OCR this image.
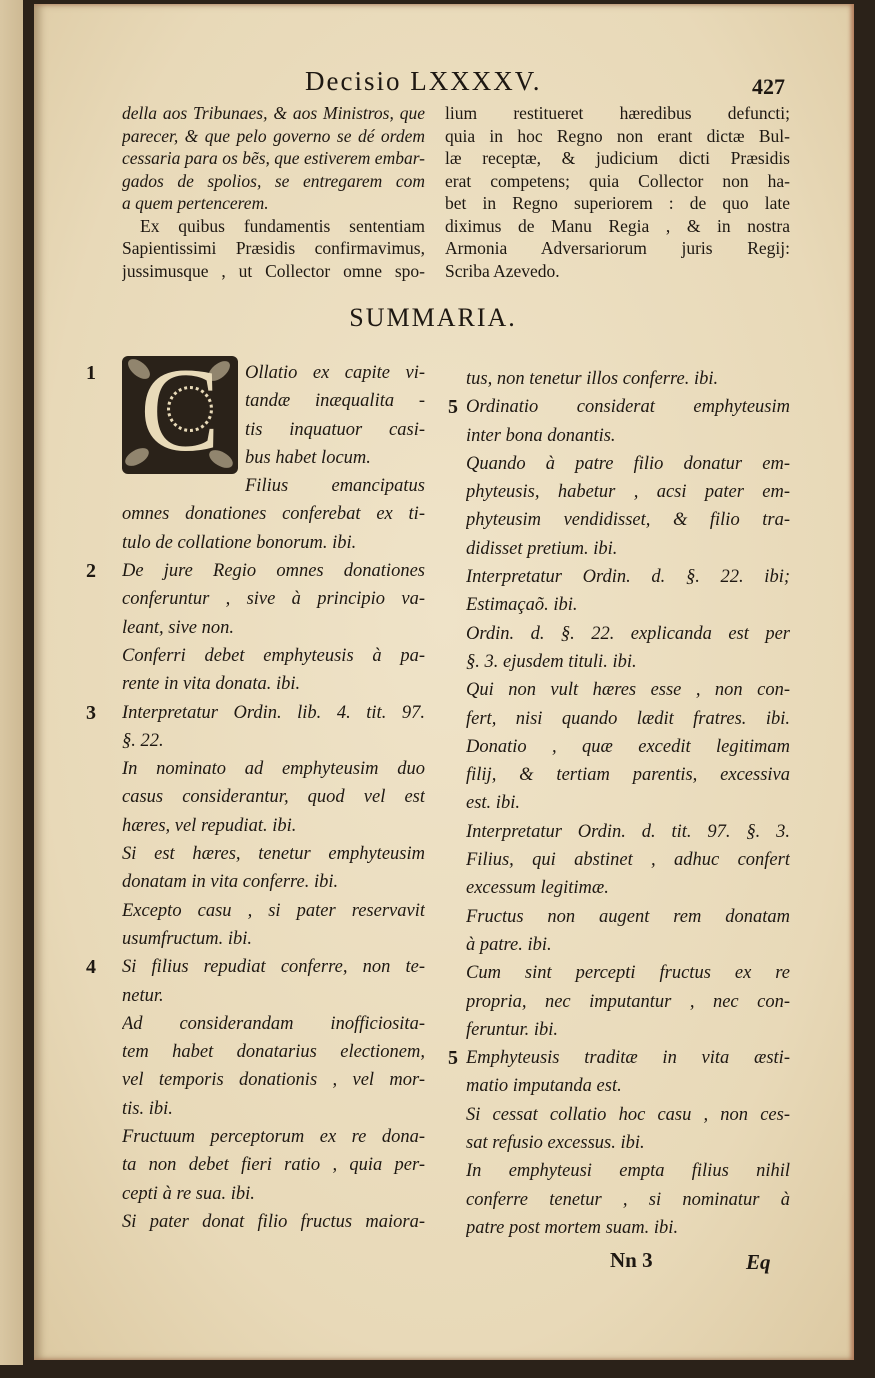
Decisio LXXXXV.	427
della aos Tribunaes, & aos Ministros, que
parecer, & que pelo governo se dé ordem
cessaria para os bẽs, que estiverem embar-
gados de spolios, se entregarem com
a quem pertencerem.
Ex quibus fundamentis sententiam
Sapientissimi Præsidis confirmavimus,
jussimusque , ut Collector omne spo-
lium restitueret hæredibus defuncti;
quia in hoc Regno non erant dictæ Bul-
læ receptæ, & judicium dicti Præsidis
erat competens; quia Collector non ha-
bet in Regno superiorem : de quo late
diximus de Manu Regia , & in nostra
Armonia Adversariorum juris Regij:
Scriba Azevedo.
SUMMARIA.
C Ollatio ex capite vi-
tandæ inæqualita -
tis inquatuor casi-
bus habet locum.
Filius emancipatus
omnes donationes conferebat ex ti-
tulo de collatione bonorum. ibi.
De jure Regio omnes donationes
conferuntur , sive à principio va-
leant, sive non.
Conferri debet emphyteusis à pa-
rente in vita donata. ibi.
Interpretatur Ordin. lib. 4. tit. 97.
§. 22.
In nominato ad emphyteusim duo
casus considerantur, quod vel est
hæres, vel repudiat. ibi.
Si est hæres, tenetur emphyteusim
donatam in vita conferre. ibi.
Excepto casu , si pater reservavit
usumfructum. ibi.
Si filius repudiat conferre, non te-
netur.
Ad considerandam inofficiosita-
tem habet donatarius electionem,
vel temporis donationis , vel mor-
tis. ibi.
Fructuum perceptorum ex re dona-
ta non debet fieri ratio , quia per-
cepti à re sua. ibi.
Si pater donat filio fructus maiora-
tus, non tenetur illos conferre. ibi.
Ordinatio considerat emphyteusim
inter bona donantis.
Quando à patre filio donatur em-
phyteusis, habetur , acsi pater em-
phyteusim vendidisset, & filio tra-
didisset pretium. ibi.
Interpretatur Ordin. d. §. 22. ibi;
Estimaçaõ. ibi.
Ordin. d. §. 22. explicanda est per
§. 3. ejusdem tituli. ibi.
Qui non vult hæres esse , non con-
fert, nisi quando lædit fratres. ibi.
Donatio , quæ excedit legitimam
filij, & tertiam parentis, excessiva
est. ibi.
Interpretatur Ordin. d. tit. 97. §. 3.
Filius, qui abstinet , adhuc confert
excessum legitimæ.
Fructus non augent rem donatam
à patre. ibi.
Cum sint percepti fructus ex re
propria, nec imputantur , nec con-
feruntur. ibi.
Emphyteusis traditæ in vita æsti-
matio imputanda est.
Si cessat collatio hoc casu , non ces-
sat refusio excessus. ibi.
In emphyteusi empta filius nihil
conferre tenetur , si nominatur à
patre post mortem suam. ibi.
Nn 3	Eq
1
2
3
4
5
5
